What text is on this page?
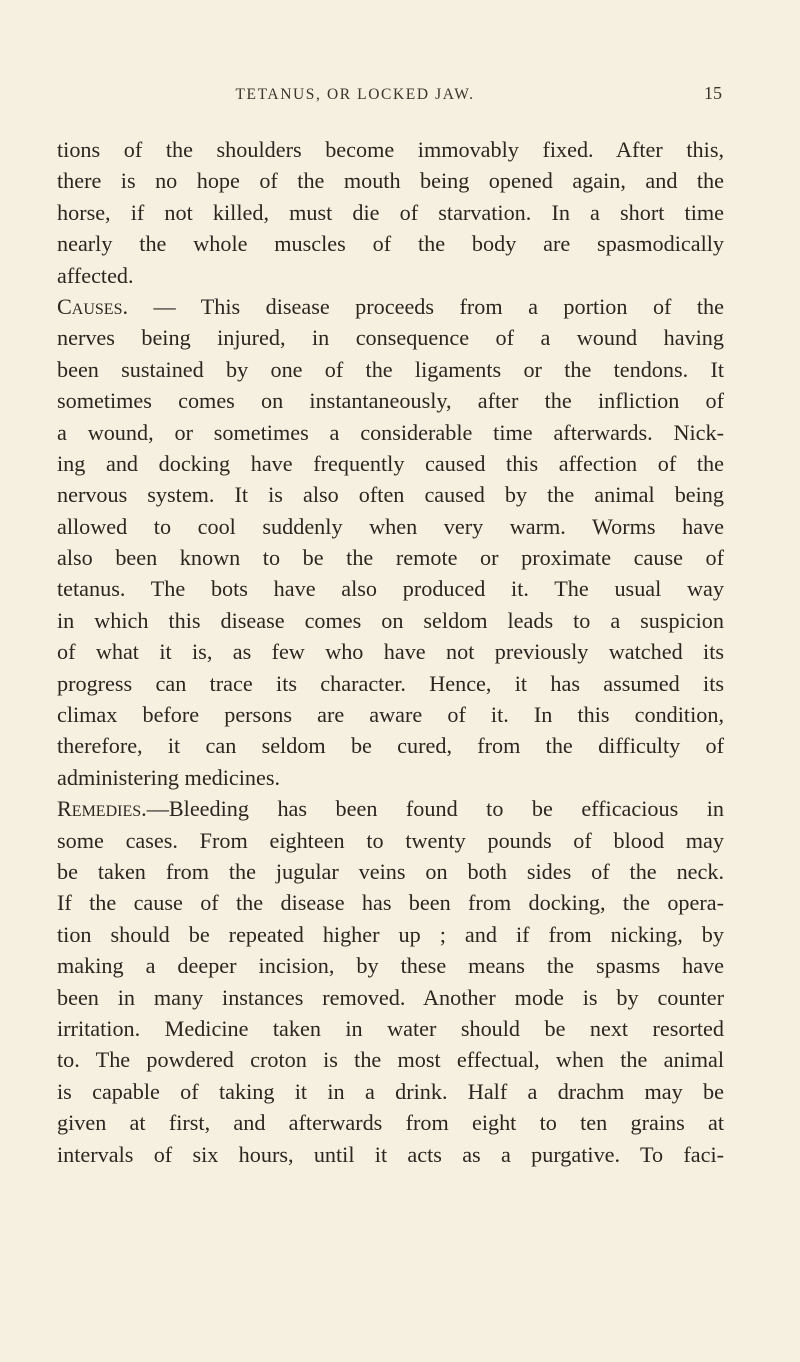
TETANUS, OR LOCKED JAW.	15
tions of the shoulders become immovably fixed. After this,
there is no hope of the mouth being opened again, and the
horse, if not killed, must die of starvation. In a short time
nearly the whole muscles of the body are spasmodically
affected.
Causes. — This disease proceeds from a portion of the
nerves being injured, in consequence of a wound having
been sustained by one of the ligaments or the tendons. It
sometimes comes on instantaneously, after the infliction of
a wound, or sometimes a considerable time afterwards. Nick-
ing and docking have frequently caused this affection of the
nervous system. It is also often caused by the animal being
allowed to cool suddenly when very warm. Worms have
also been known to be the remote or proximate cause of
tetanus. The bots have also produced it. The usual way
in which this disease comes on seldom leads to a suspicion
of what it is, as few who have not previously watched its
progress can trace its character. Hence, it has assumed its
climax before persons are aware of it. In this condition,
therefore, it can seldom be cured, from the difficulty of
administering medicines.
Remedies.—Bleeding has been found to be efficacious in
some cases. From eighteen to twenty pounds of blood may
be taken from the jugular veins on both sides of the neck.
If the cause of the disease has been from docking, the opera-
tion should be repeated higher up ; and if from nicking, by
making a deeper incision, by these means the spasms have
been in many instances removed. Another mode is by counter
irritation. Medicine taken in water should be next resorted
to. The powdered croton is the most effectual, when the animal
is capable of taking it in a drink. Half a drachm may be
given at first, and afterwards from eight to ten grains at
intervals of six hours, until it acts as a purgative. To faci-
